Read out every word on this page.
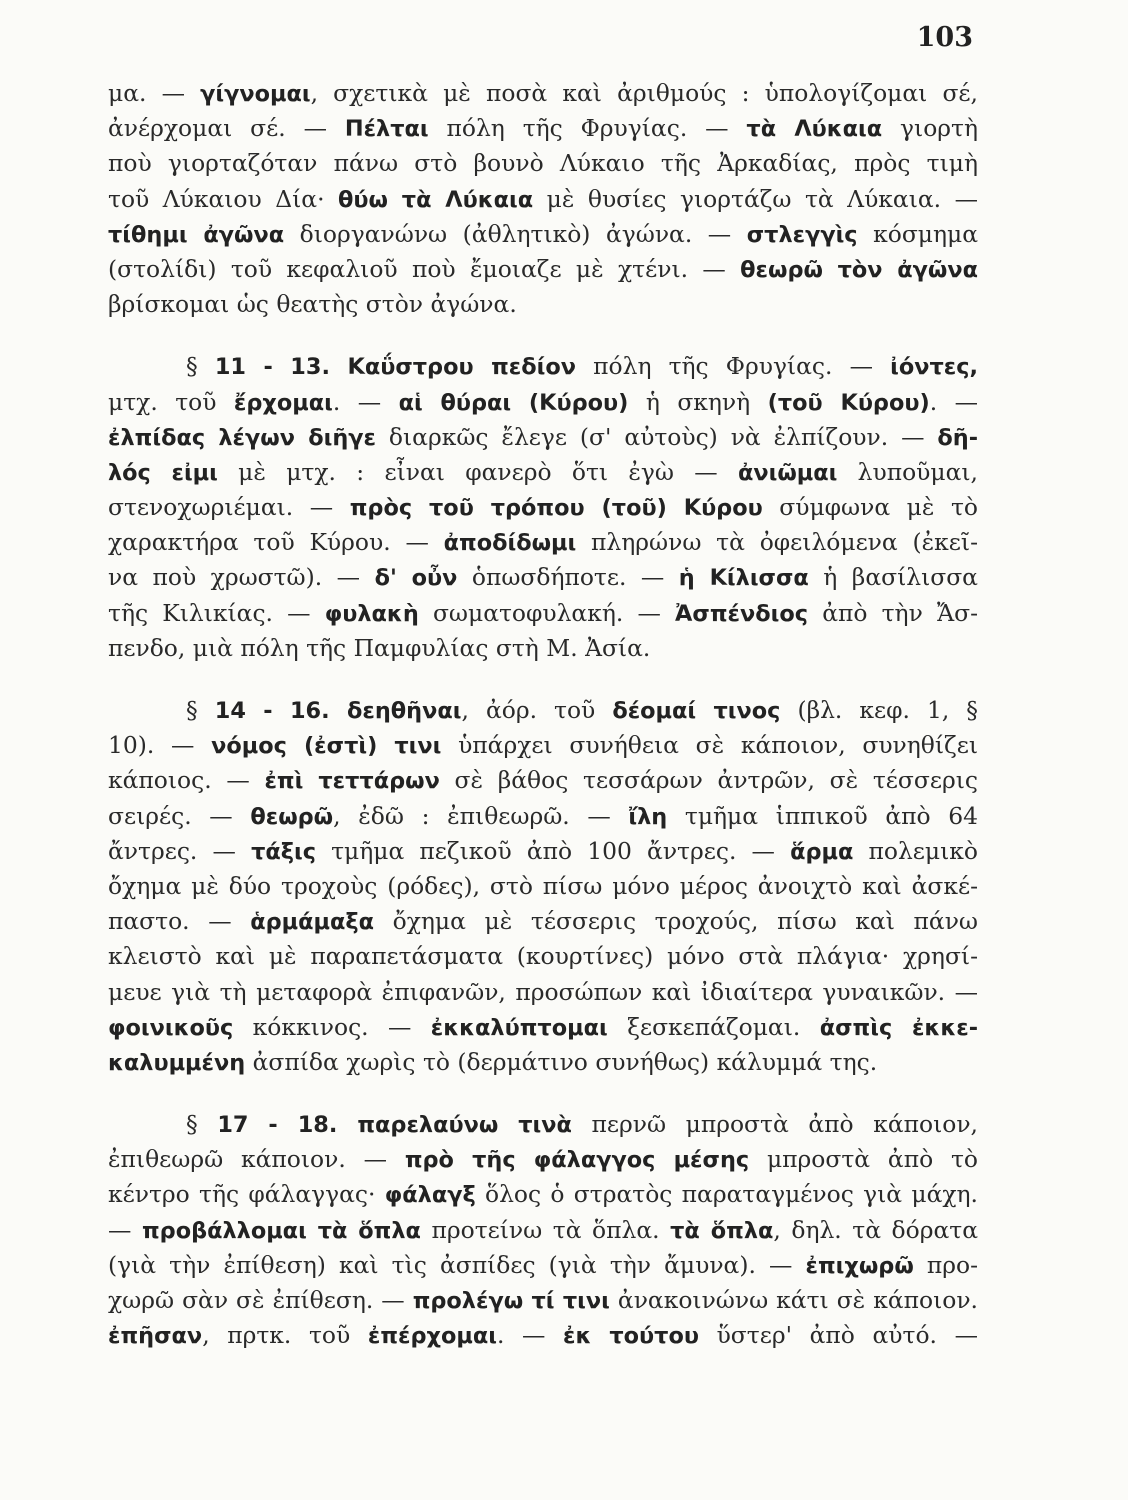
103
μα. — γίγνομαι, σχετικὰ μὲ ποσὰ καὶ ἀριθμούς : ὑπολογίζομαι σέ,
ἀνέρχομαι σέ. — Πέλται πόλη τῆς Φρυγίας. — τὰ Λύκαια γιορτὴ
ποὺ γιορταζόταν πάνω στὸ βουνὸ Λύκαιο τῆς Ἀρκαδίας, πρὸς τιμὴ
τοῦ Λύκαιου Δία· θύω τὰ Λύκαια μὲ θυσίες γιορτάζω τὰ Λύκαια. —
τίθημι ἀγῶνα διοργανώνω (ἀθλητικὸ) ἀγώνα. — στλεγγὶς κόσμημα
(στολίδι) τοῦ κεφαλιοῦ ποὺ ἔμοιαζε μὲ χτένι. — θεωρῶ τὸν ἀγῶνα
βρίσκομαι ὡς θεατὴς στὸν ἀγώνα.
§ 11 - 13. Καΰστρου πεδίον πόλη τῆς Φρυγίας. — ἰόντες,
μτχ. τοῦ ἔρχομαι. — αἱ θύραι (Κύρου) ἡ σκηνὴ (τοῦ Κύρου). —
ἐλπίδας λέγων διῆγε διαρκῶς ἔλεγε (σ' αὐτοὺς) νὰ ἐλπίζουν. — δῆ-
λός εἰμι μὲ μτχ. : εἶναι φανερὸ ὅτι ἐγὼ — ἀνιῶμαι λυποῦμαι,
στενοχωριέμαι. — πρὸς τοῦ τρόπου (τοῦ) Κύρου σύμφωνα μὲ τὸ
χαρακτήρα τοῦ Κύρου. — ἀποδίδωμι πληρώνω τὰ ὀφειλόμενα (ἐκεῖ-
να ποὺ χρωστῶ). — δ' οὖν ὁπωσδήποτε. — ἡ Κίλισσα ἡ βασίλισσα
τῆς Κιλικίας. — φυλακὴ σωματοφυλακή. — Ἀσπένδιος ἀπὸ τὴν Ἄσ-
πενδο, μιὰ πόλη τῆς Παμφυλίας στὴ Μ. Ἀσία.
§ 14 - 16. δεηθῆναι, ἀόρ. τοῦ δέομαί τινος (βλ. κεφ. 1, §
10). — νόμος (ἐστὶ) τινι ὑπάρχει συνήθεια σὲ κάποιον, συνηθίζει
κάποιος. — ἐπὶ τεττάρων σὲ βάθος τεσσάρων ἀντρῶν, σὲ τέσσερις
σειρές. — θεωρῶ, ἐδῶ : ἐπιθεωρῶ. — ἴλη τμῆμα ἱππικοῦ ἀπὸ 64
ἄντρες. — τάξις τμῆμα πεζικοῦ ἀπὸ 100 ἄντρες. — ἅρμα πολεμικὸ
ὄχημα μὲ δύο τροχοὺς (ρόδες), στὸ πίσω μόνο μέρος ἀνοιχτὸ καὶ ἀσκέ-
παστο. — ἁρμάμαξα ὄχημα μὲ τέσσερις τροχούς, πίσω καὶ πάνω
κλειστὸ καὶ μὲ παραπετάσματα (κουρτίνες) μόνο στὰ πλάγια· χρησί-
μευε γιὰ τὴ μεταφορὰ ἐπιφανῶν, προσώπων καὶ ἰδιαίτερα γυναικῶν. —
φοινικοῦς κόκκινος. — ἐκκαλύπτομαι ξεσκεπάζομαι. ἀσπὶς ἐκκε-
καλυμμένη ἀσπίδα χωρὶς τὸ (δερμάτινο συνήθως) κάλυμμά της.
§ 17 - 18. παρελαύνω τινὰ περνῶ μπροστὰ ἀπὸ κάποιον,
ἐπιθεωρῶ κάποιον. — πρὸ τῆς φάλαγγος μέσης μπροστὰ ἀπὸ τὸ
κέντρο τῆς φάλαγγας· φάλαγξ ὅλος ὁ στρατὸς παραταγμένος γιὰ μάχη.
— προβάλλομαι τὰ ὅπλα προτείνω τὰ ὅπλα. τὰ ὅπλα, δηλ. τὰ δόρατα
(γιὰ τὴν ἐπίθεση) καὶ τὶς ἀσπίδες (γιὰ τὴν ἄμυνα). — ἐπιχωρῶ προ-
χωρῶ σὰν σὲ ἐπίθεση. — προλέγω τί τινι ἀνακοινώνω κάτι σὲ κάποιον.
ἐπῆσαν, πρτκ. τοῦ ἐπέρχομαι. — ἐκ τούτου ὕστερ' ἀπὸ αὐτό. —
